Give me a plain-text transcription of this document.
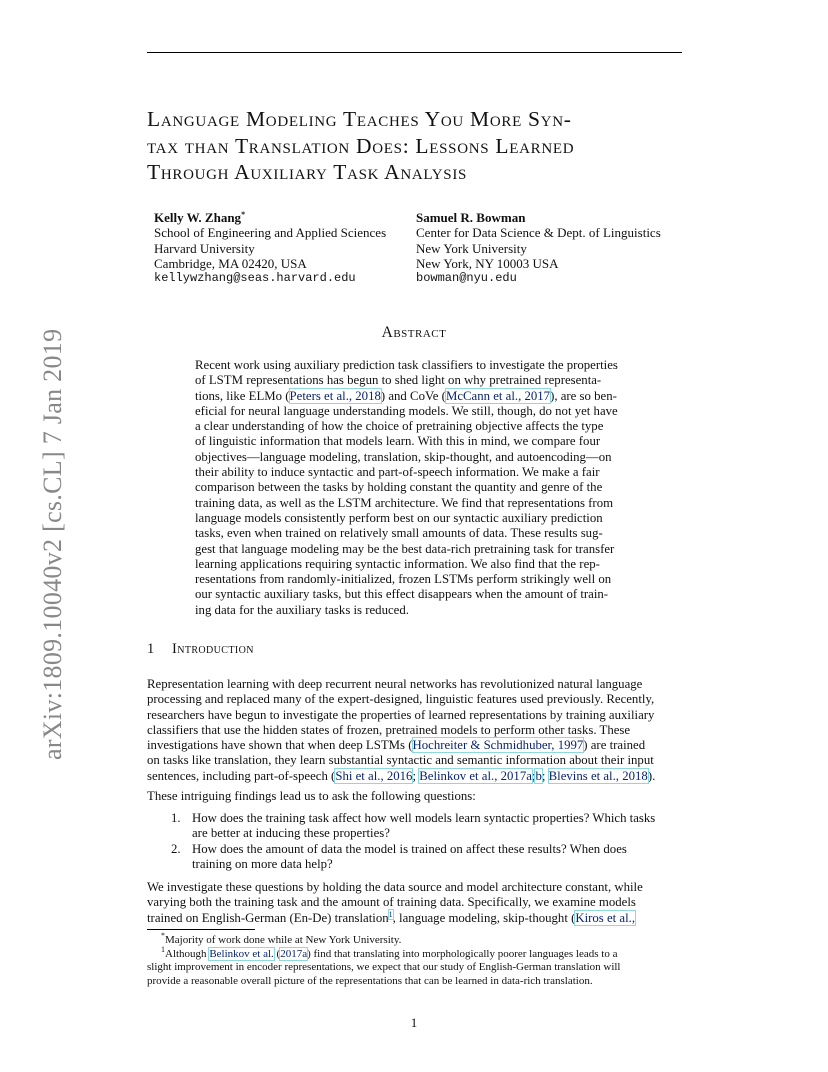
arXiv:1809.10040v2 [cs.CL] 7 Jan 2019
Language Modeling Teaches You More Syn-
tax than Translation Does: Lessons Learned
Through Auxiliary Task Analysis
Kelly W. Zhang*
School of Engineering and Applied Sciences
Harvard University
Cambridge, MA 02420, USA
kellywzhang@seas.harvard.edu
Samuel R. Bowman
Center for Data Science & Dept. of Linguistics
New York University
New York, NY 10003 USA
bowman@nyu.edu
Abstract
Recent work using auxiliary prediction task classifiers to investigate the properties
of LSTM representations has begun to shed light on why pretrained representa-
tions, like ELMo (Peters et al., 2018) and CoVe (McCann et al., 2017), are so ben-
eficial for neural language understanding models. We still, though, do not yet have
a clear understanding of how the choice of pretraining objective affects the type
of linguistic information that models learn. With this in mind, we compare four
objectives—language modeling, translation, skip-thought, and autoencoding—on
their ability to induce syntactic and part-of-speech information. We make a fair
comparison between the tasks by holding constant the quantity and genre of the
training data, as well as the LSTM architecture. We find that representations from
language models consistently perform best on our syntactic auxiliary prediction
tasks, even when trained on relatively small amounts of data. These results sug-
gest that language modeling may be the best data-rich pretraining task for transfer
learning applications requiring syntactic information. We also find that the rep-
resentations from randomly-initialized, frozen LSTMs perform strikingly well on
our syntactic auxiliary tasks, but this effect disappears when the amount of train-
ing data for the auxiliary tasks is reduced.
1 Introduction
Representation learning with deep recurrent neural networks has revolutionized natural language
processing and replaced many of the expert-designed, linguistic features used previously. Recently,
researchers have begun to investigate the properties of learned representations by training auxiliary
classifiers that use the hidden states of frozen, pretrained models to perform other tasks. These
investigations have shown that when deep LSTMs (Hochreiter & Schmidhuber, 1997) are trained
on tasks like translation, they learn substantial syntactic and semantic information about their input
sentences, including part-of-speech (Shi et al., 2016; Belinkov et al., 2017a;b; Blevins et al., 2018).
These intriguing findings lead us to ask the following questions:
1. How does the training task affect how well models learn syntactic properties? Which tasks
are better at inducing these properties?
2. How does the amount of data the model is trained on affect these results? When does
training on more data help?
We investigate these questions by holding the data source and model architecture constant, while
varying both the training task and the amount of training data. Specifically, we examine models
trained on English-German (En-De) translation$^1$, language modeling, skip-thought (Kiros et al.,
*Majority of work done while at New York University.
$^1$Although Belinkov et al. (2017a) find that translating into morphologically poorer languages leads to a
slight improvement in encoder representations, we expect that our study of English-German translation will
provide a reasonable overall picture of the representations that can be learned in data-rich translation.
1
